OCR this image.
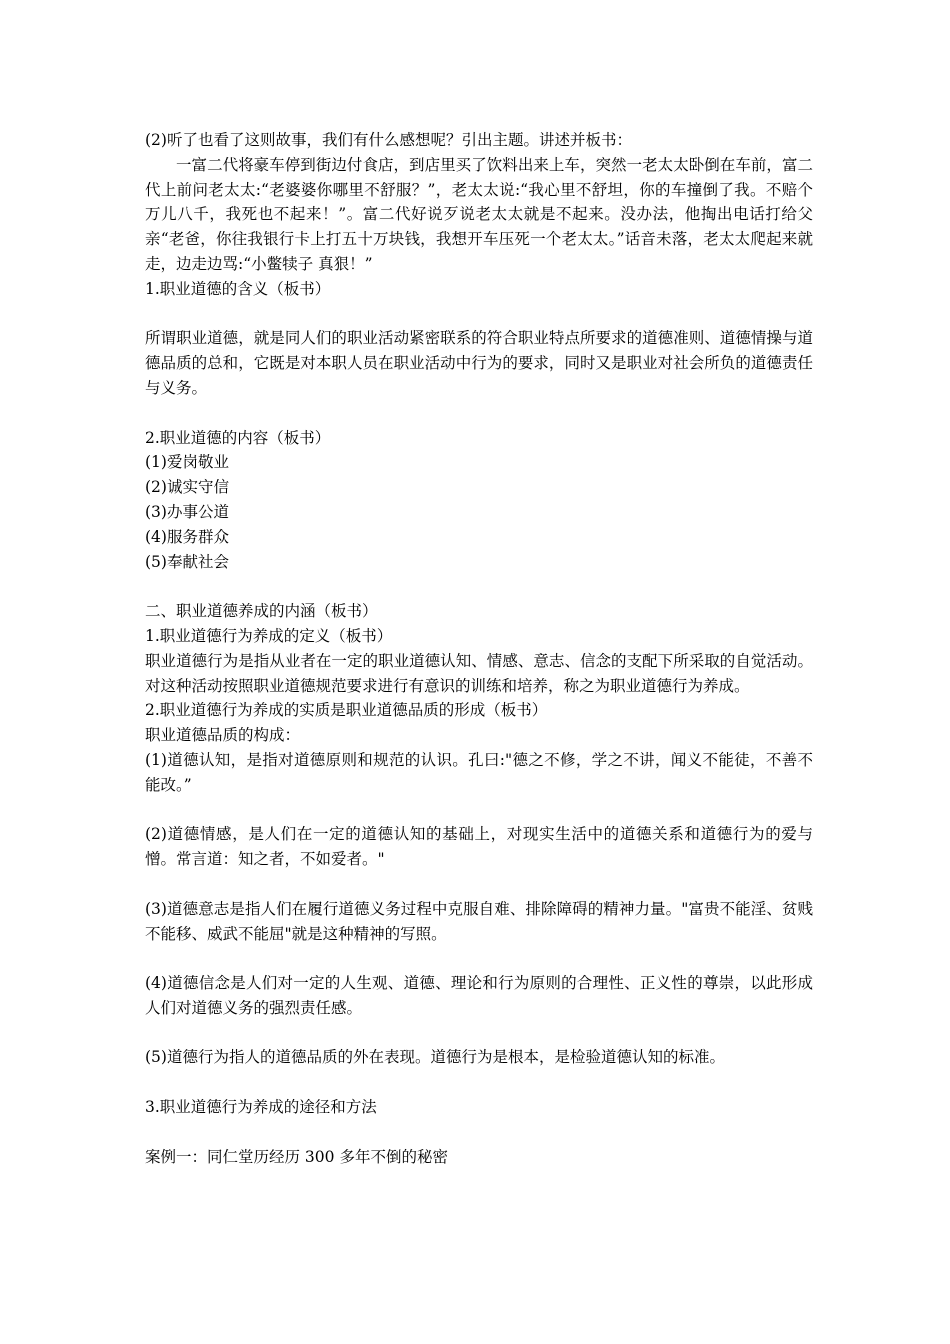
(2)听了也看了这则故事，我们有什么感想呢？引出主题。讲述并板书：

一富二代将豪车停到街边付食店，到店里买了饮料出来上车，突然一老太太卧倒在车前，富二代上前问老太太:“老婆婆你哪里不舒服？”，老太太说:“我心里不舒坦，你的车撞倒了我。不赔个万儿八千，我死也不起来！”。富二代好说歹说老太太就是不起来。没办法，他掏出电话打给父亲“老爸，你往我银行卡上打五十万块钱，我想开车压死一个老太太。”话音未落，老太太爬起来就走，边走边骂:“小鳖犊子 真狠！”

1.职业道德的含义（板书）

所谓职业道德，就是同人们的职业活动紧密联系的符合职业特点所要求的道德准则、道德情操与道德品质的总和，它既是对本职人员在职业活动中行为的要求，同时又是职业对社会所负的道德责任与义务。

2.职业道德的内容（板书）

(1)爱岗敬业

(2)诚实守信

(3)办事公道

(4)服务群众

(5)奉献社会

二、职业道德养成的内涵（板书）

1.职业道德行为养成的定义（板书）

职业道德行为是指从业者在一定的职业道德认知、情感、意志、信念的支配下所采取的自觉活动。对这种活动按照职业道德规范要求进行有意识的训练和培养，称之为职业道德行为养成。

2.职业道德行为养成的实质是职业道德品质的形成（板书）

职业道德品质的构成：

(1)道德认知，是指对道德原则和规范的认识。孔曰:"德之不修，学之不讲，闻义不能徒，不善不能改。”

(2)道德情感，是人们在一定的道德认知的基础上，对现实生活中的道德关系和道德行为的爱与憎。常言道：知之者，不如爱者。"

(3)道德意志是指人们在履行道德义务过程中克服自难、排除障碍的精神力量。"富贵不能淫、贫贱不能移、威武不能屈"就是这种精神的写照。

(4)道德信念是人们对一定的人生观、道德、理论和行为原则的合理性、正义性的尊崇，以此形成人们对道德义务的强烈责任感。

(5)道德行为指人的道德品质的外在表现。道德行为是根本，是检验道德认知的标准。

3.职业道德行为养成的途径和方法

案例一：同仁堂历经历 300 多年不倒的秘密
